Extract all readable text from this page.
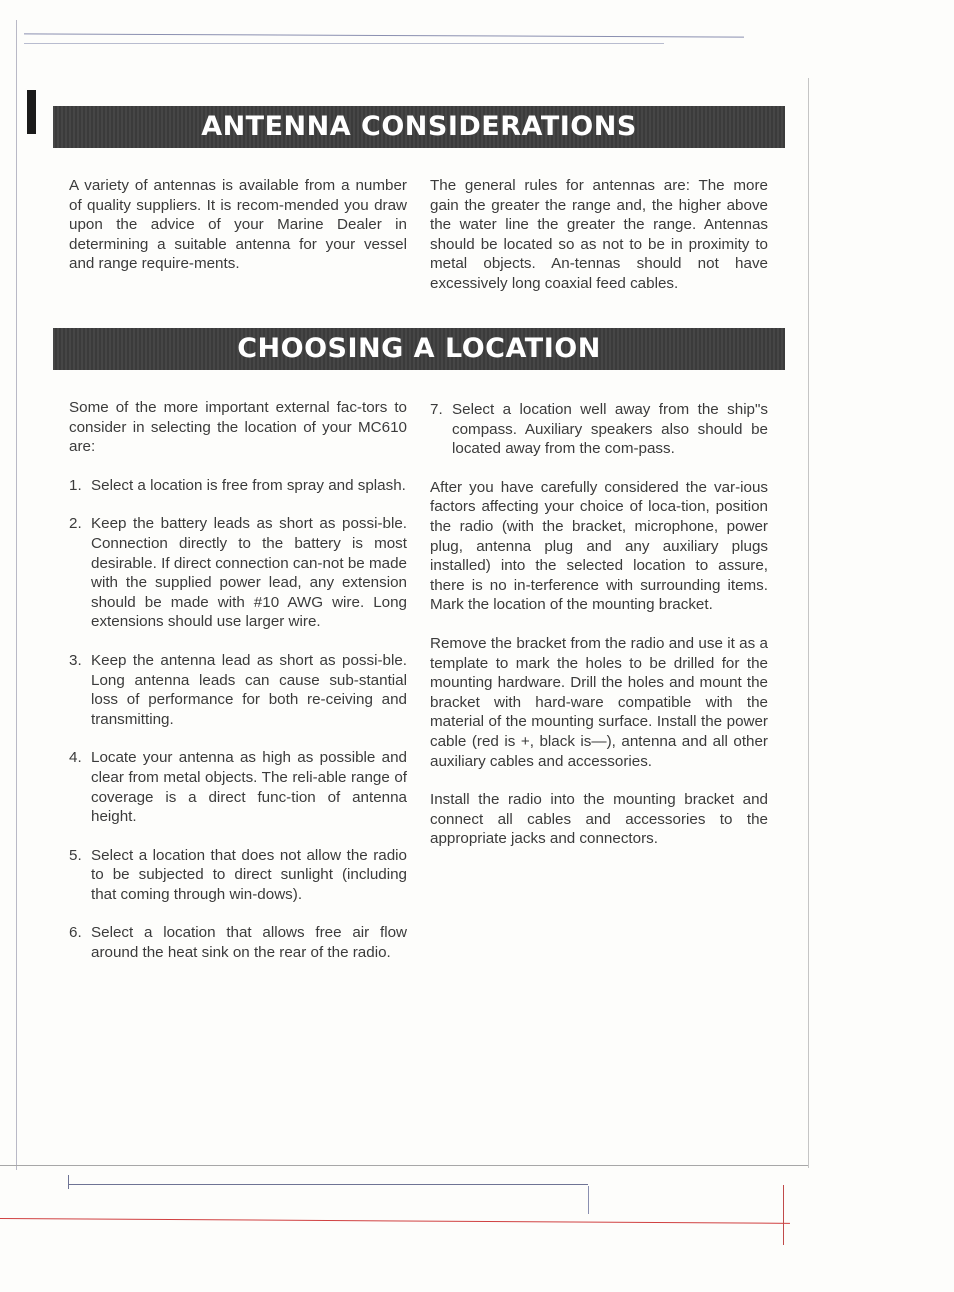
ANTENNA CONSIDERATIONS

A variety of antennas is available from a number of quality suppliers. It is recom-mended you draw upon the advice of your Marine Dealer in determining a suitable antenna for your vessel and range require-ments.

The general rules for antennas are: The more gain the greater the range and, the higher above the water line the greater the range. Antennas should be located so as not to be in proximity to metal objects. An-tennas should not have excessively long coaxial feed cables.

CHOOSING A LOCATION

Some of the more important external fac-tors to consider in selecting the location of your MC610 are:

1. Select a location is free from spray and splash.
2. Keep the battery leads as short as possi-ble. Connection directly to the battery is most desirable. If direct connection can-not be made with the supplied power lead, any extension should be made with #10 AWG wire. Long extensions should use larger wire.
3. Keep the antenna lead as short as possi-ble. Long antenna leads can cause sub-stantial loss of performance for both re-ceiving and transmitting.
4. Locate your antenna as high as possible and clear from metal objects. The reli-able range of coverage is a direct func-tion of antenna height.
5. Select a location that does not allow the radio to be subjected to direct sunlight (including that coming through win-dows).
6. Select a location that allows free air flow around the heat sink on the rear of the radio.
7. Select a location well away from the ship"s compass. Auxiliary speakers also should be located away from the com-pass.

After you have carefully considered the var-ious factors affecting your choice of loca-tion, position the radio (with the bracket, microphone, power plug, antenna plug and any auxiliary plugs installed) into the selected location to assure, there is no in-terference with surrounding items. Mark the location of the mounting bracket.

Remove the bracket from the radio and use it as a template to mark the holes to be drilled for the mounting hardware. Drill the holes and mount the bracket with hard-ware compatible with the material of the mounting surface. Install the power cable (red is +, black is—), antenna and all other auxiliary cables and accessories.

Install the radio into the mounting bracket and connect all cables and accessories to the appropriate jacks and connectors.
